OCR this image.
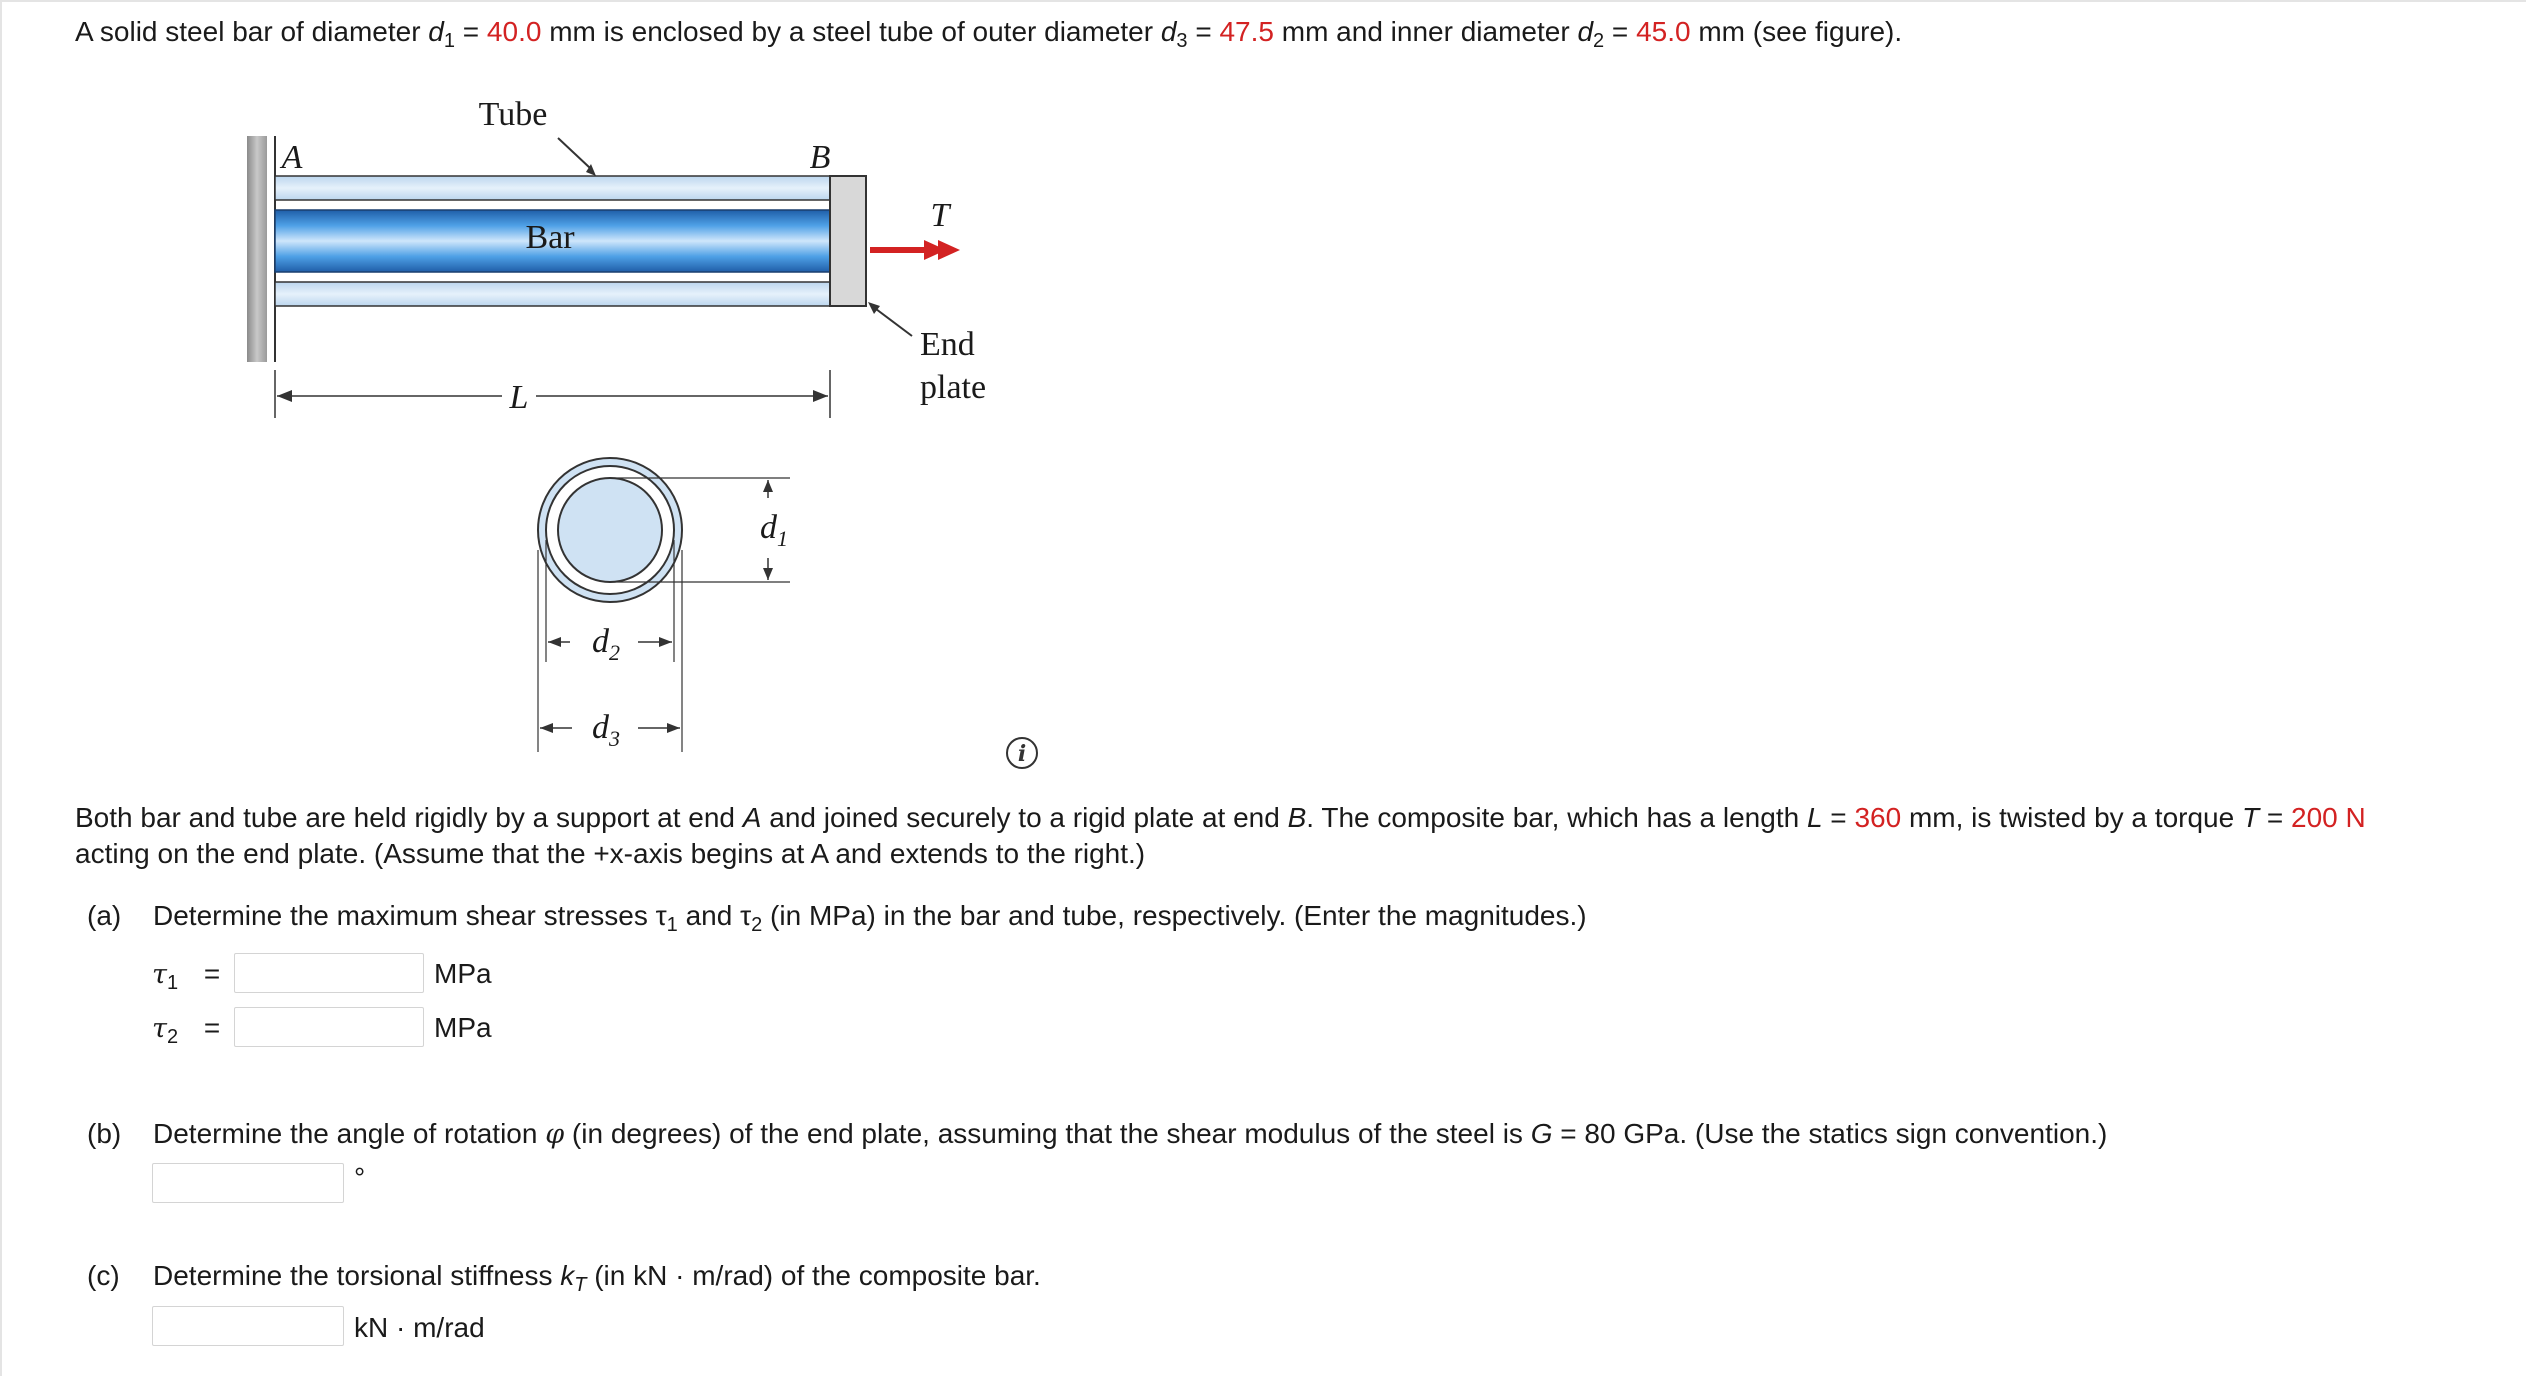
A solid steel bar of diameter $d_1 = 40.0$ mm is enclosed by a steel tube of outer diameter $d_3 = 47.5$ mm and inner diameter $d_2 = 45.0$ mm (see figure).
Tube
Bar
A	B
T
End
plate
L
$d_1$
$d_2$
$d_3$
i
Both bar and tube are held rigidly by a support at end A and joined securely to a rigid plate at end B. The composite bar, which has a length L = 360 mm, is twisted by a torque T = 200 N
acting on the end plate. (Assume that the +x-axis begins at A and extends to the right.)
(a) Determine the maximum shear stresses $\tau_1$ and $\tau_2$ (in MPa) in the bar and tube, respectively. (Enter the magnitudes.)
$\tau_1$ =	MPa
$\tau_2$ =	MPa
(b) Determine the angle of rotation φ (in degrees) of the end plate, assuming that the shear modulus of the steel is G = 80 GPa. (Use the statics sign convention.)
°
(c) Determine the torsional stiffness $k_T$ (in kN · m/rad) of the composite bar.
kN · m/rad
